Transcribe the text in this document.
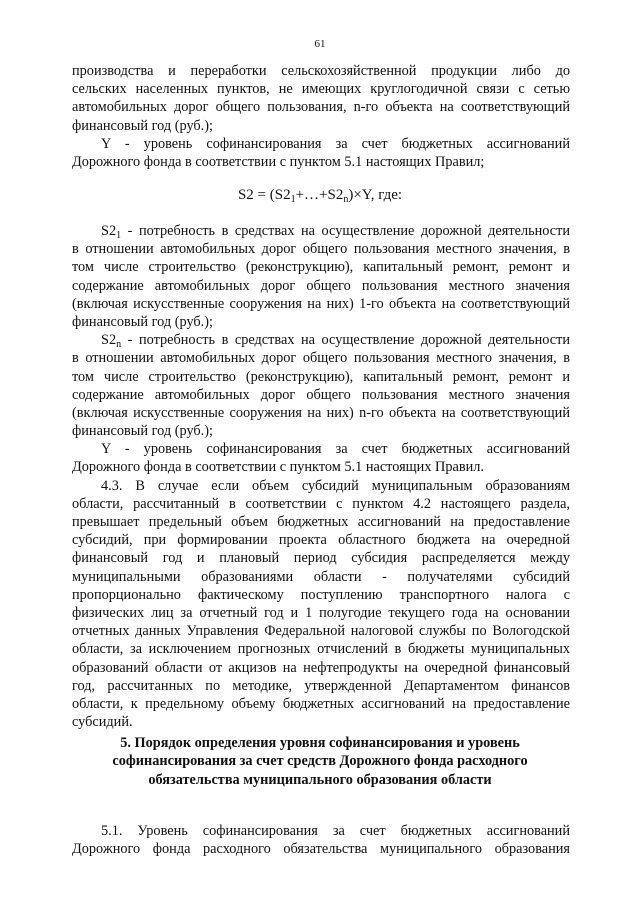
61
производства и переработки сельскохозяйственной продукции либо до
сельских населенных пунктов, не имеющих круглогодичной связи с сетью
автомобильных дорог общего пользования, n-го объекта на соответствующий
финансовый год (руб.);
Y - уровень софинансирования за счет бюджетных ассигнований
Дорожного фонда в соответствии с пунктом 5.1 настоящих Правил;
$S2 = (S2_1+\dots+S2_n)\times Y$, где:
$S2_1$ - потребность в средствах на осуществление дорожной деятельности
в отношении автомобильных дорог общего пользования местного значения, в
том числе строительство (реконструкцию), капитальный ремонт, ремонт и
содержание автомобильных дорог общего пользования местного значения
(включая искусственные сооружения на них) 1-го объекта на соответствующий
финансовый год (руб.);
$S2_n$ - потребность в средствах на осуществление дорожной деятельности
в отношении автомобильных дорог общего пользования местного значения, в
том числе строительство (реконструкцию), капитальный ремонт, ремонт и
содержание автомобильных дорог общего пользования местного значения
(включая искусственные сооружения на них) n-го объекта на соответствующий
финансовый год (руб.);
Y - уровень софинансирования за счет бюджетных ассигнований
Дорожного фонда в соответствии с пунктом 5.1 настоящих Правил.
4.3. В случае если объем субсидий муниципальным образованиям
области, рассчитанный в соответствии с пунктом 4.2 настоящего раздела,
превышает предельный объем бюджетных ассигнований на предоставление
субсидий, при формировании проекта областного бюджета на очередной
финансовый год и плановый период субсидия распределяется между
муниципальными образованиями области - получателями субсидий
пропорционально фактическому поступлению транспортного налога с
физических лиц за отчетный год и 1 полугодие текущего года на основании
отчетных данных Управления Федеральной налоговой службы по Вологодской
области, за исключением прогнозных отчислений в бюджеты муниципальных
образований области от акцизов на нефтепродукты на очередной финансовый
год, рассчитанных по методике, утвержденной Департаментом финансов
области, к предельному объему бюджетных ассигнований на предоставление
субсидий.
5. Порядок определения уровня софинансирования и уровень
софинансирования за счет средств Дорожного фонда расходного
обязательства муниципального образования области
5.1. Уровень софинансирования за счет бюджетных ассигнований
Дорожного фонда расходного обязательства муниципального образования
